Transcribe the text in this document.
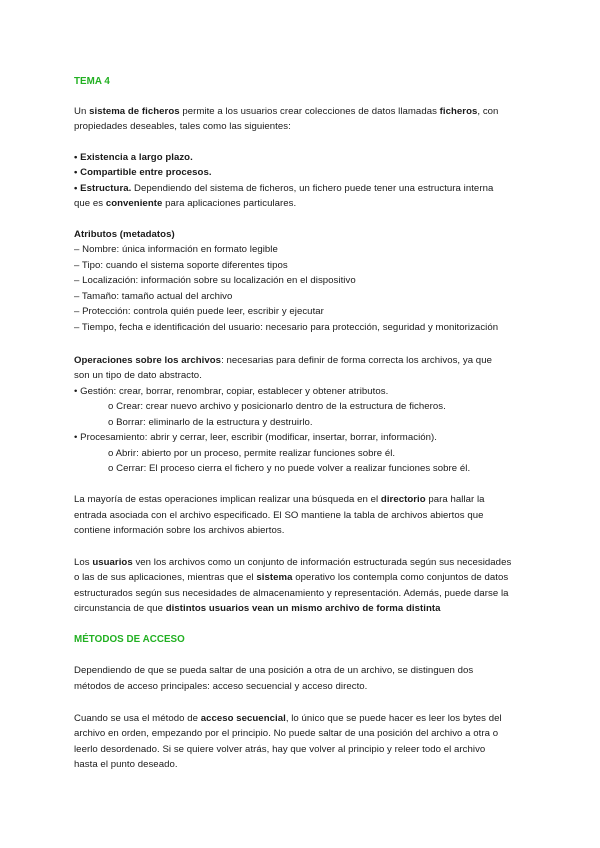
TEMA 4
Un sistema de ficheros permite a los usuarios crear colecciones de datos llamadas ficheros, con
propiedades deseables, tales como las siguientes:
• Existencia a largo plazo.
• Compartible entre procesos.
• Estructura. Dependiendo del sistema de ficheros, un fichero puede tener una estructura interna
que es conveniente para aplicaciones particulares.
Atributos (metadatos)
– Nombre: única información en formato legible
– Tipo: cuando el sistema soporte diferentes tipos
– Localización: información sobre su localización en el dispositivo
– Tamaño: tamaño actual del archivo
– Protección: controla quién puede leer, escribir y ejecutar
– Tiempo, fecha e identificación del usuario: necesario para protección, seguridad y monitorización
Operaciones sobre los archivos: necesarias para definir de forma correcta los archivos, ya que
son un tipo de dato abstracto.
• Gestión: crear, borrar, renombrar, copiar, establecer y obtener atributos.
o Crear: crear nuevo archivo y posicionarlo dentro de la estructura de ficheros.
o Borrar: eliminarlo de la estructura y destruirlo.
• Procesamiento: abrir y cerrar, leer, escribir (modificar, insertar, borrar, información).
o Abrir: abierto por un proceso, permite realizar funciones sobre él.
o Cerrar: El proceso cierra el fichero y no puede volver a realizar funciones sobre él.
La mayoría de estas operaciones implican realizar una búsqueda en el directorio para hallar la
entrada asociada con el archivo especificado. El SO mantiene la tabla de archivos abiertos que
contiene información sobre los archivos abiertos.
Los usuarios ven los archivos como un conjunto de información estructurada según sus necesidades
o las de sus aplicaciones, mientras que el sistema operativo los contempla como conjuntos de datos
estructurados según sus necesidades de almacenamiento y representación. Además, puede darse la
circunstancia de que distintos usuarios vean un mismo archivo de forma distinta
MÉTODOS DE ACCESO
Dependiendo de que se pueda saltar de una posición a otra de un archivo, se distinguen dos
métodos de acceso principales: acceso secuencial y acceso directo.
Cuando se usa el método de acceso secuencial, lo único que se puede hacer es leer los bytes del
archivo en orden, empezando por el principio. No puede saltar de una posición del archivo a otra o
leerlo desordenado. Si se quiere volver atrás, hay que volver al principio y releer todo el archivo
hasta el punto deseado.
